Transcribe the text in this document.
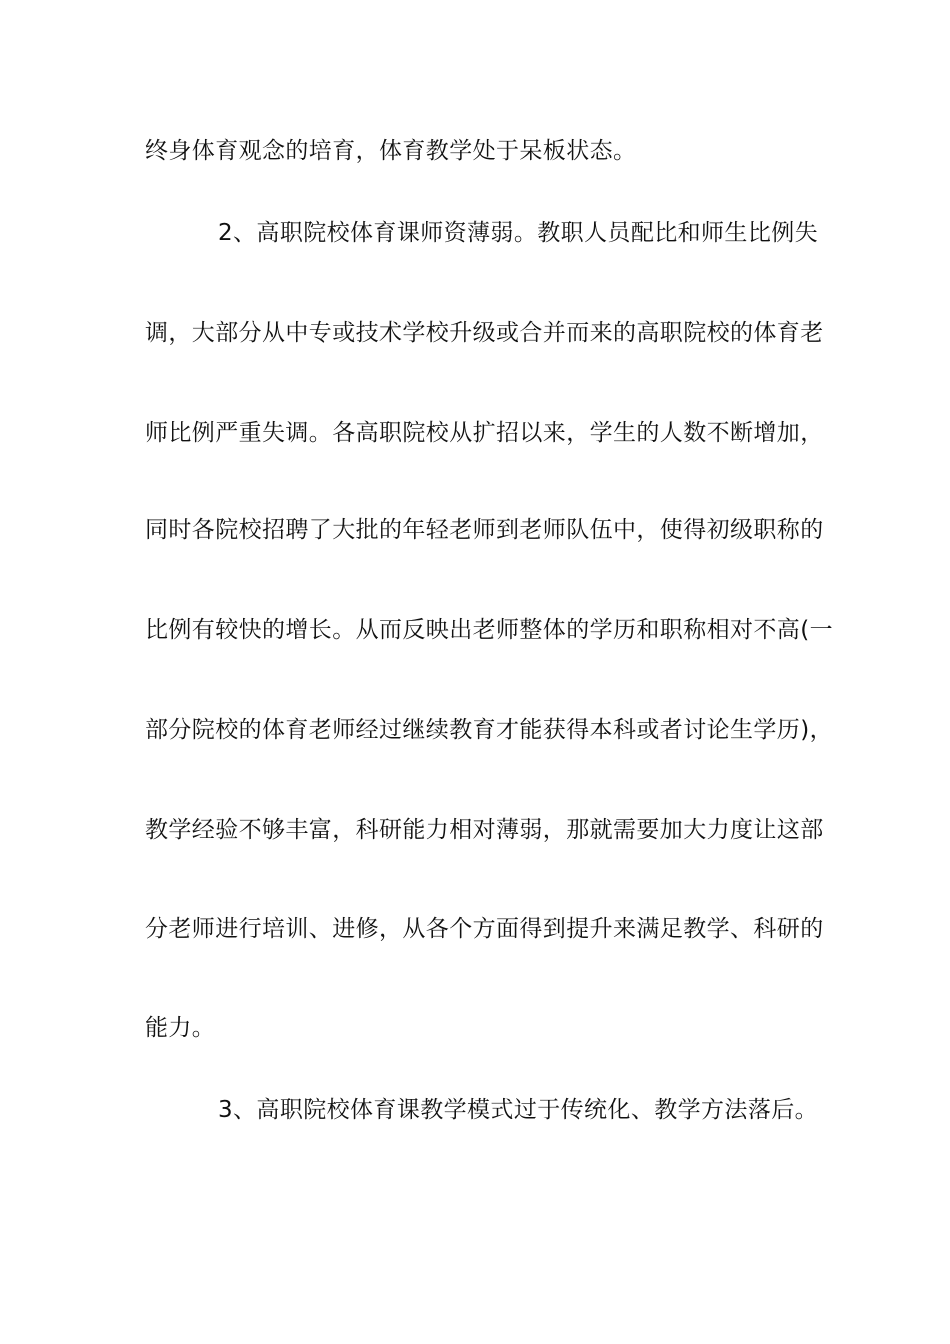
终身体育观念的培育，体育教学处于呆板状态。
2、高职院校体育课师资薄弱。教职人员配比和师生比例失
调，大部分从中专或技术学校升级或合并而来的高职院校的体育老
师比例严重失调。各高职院校从扩招以来，学生的人数不断增加，
同时各院校招聘了大批的年轻老师到老师队伍中，使得初级职称的
比例有较快的增长。从而反映出老师整体的学历和职称相对不高(一
部分院校的体育老师经过继续教育才能获得本科或者讨论生学历)，
教学经验不够丰富，科研能力相对薄弱，那就需要加大力度让这部
分老师进行培训、进修，从各个方面得到提升来满足教学、科研的
能力。
3、高职院校体育课教学模式过于传统化、教学方法落后。
